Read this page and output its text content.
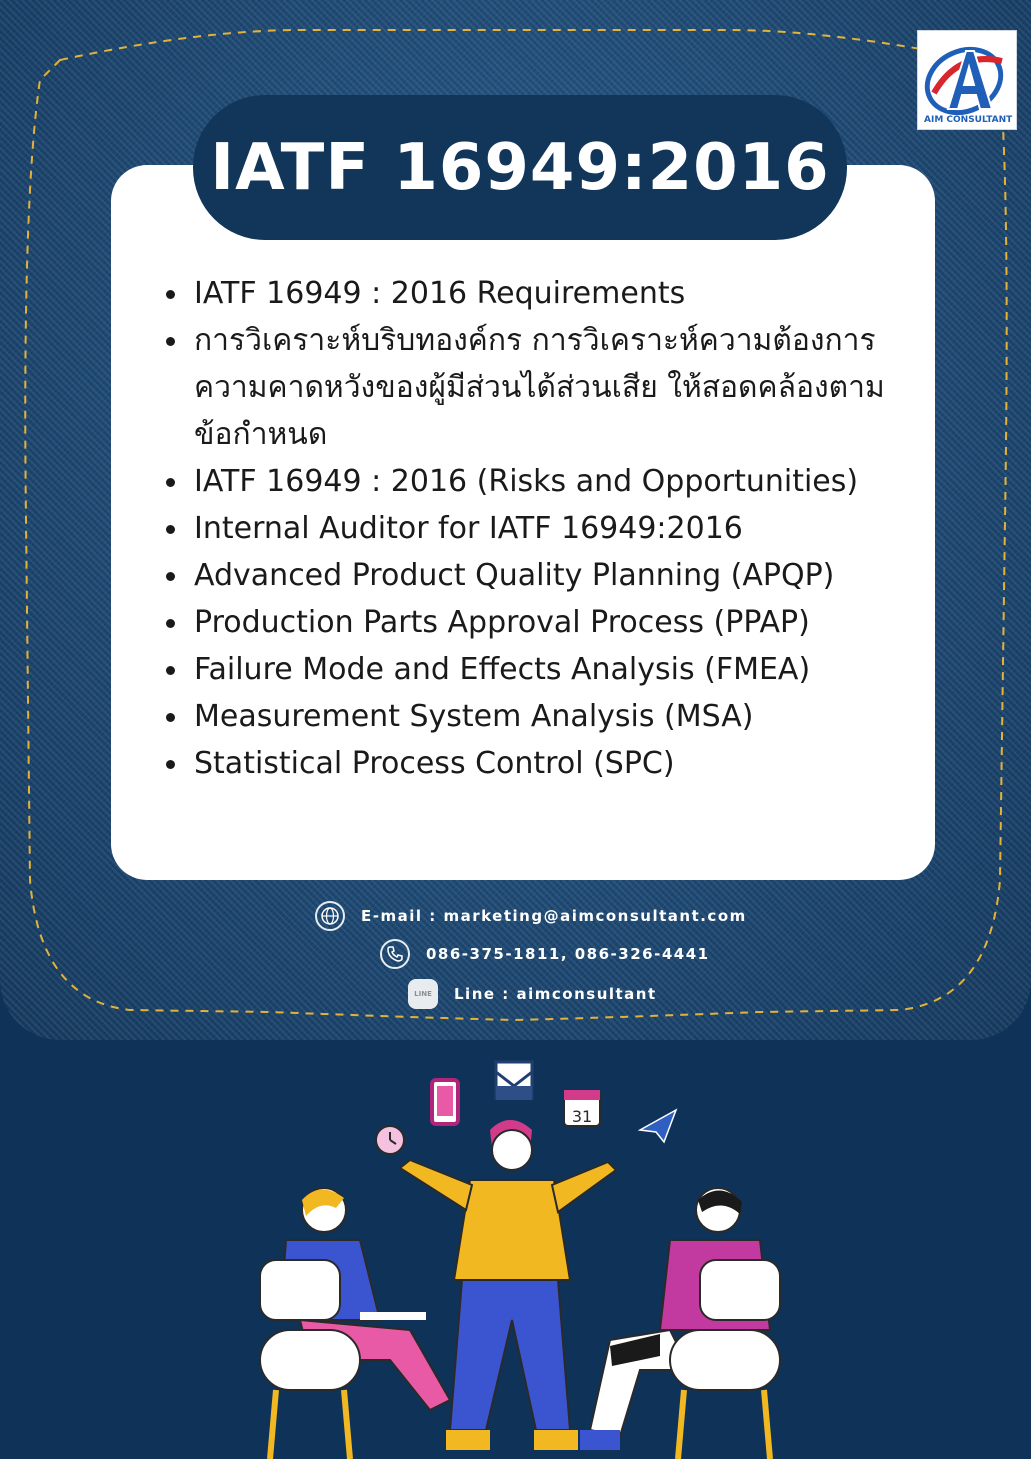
IATF 16949:2016
AIM CONSULTANT
IATF 16949 : 2016 Requirements
การวิเคราะห์บริบทองค์กร การวิเคราะห์ความต้องการ ความคาดหวังของผู้มีส่วนได้ส่วนเสีย ให้สอดคล้องตามข้อกำหนด
IATF 16949 : 2016 (Risks and Opportunities)
Internal Auditor for IATF 16949:2016
Advanced Product Quality Planning (APQP)
Production Parts Approval Process (PPAP)
Failure Mode and Effects Analysis (FMEA)
Measurement System Analysis (MSA)
Statistical Process Control (SPC)
E-mail : marketing@aimconsultant.com
086-375-1811, 086-326-4441
LINE Line : aimconsultant
31
